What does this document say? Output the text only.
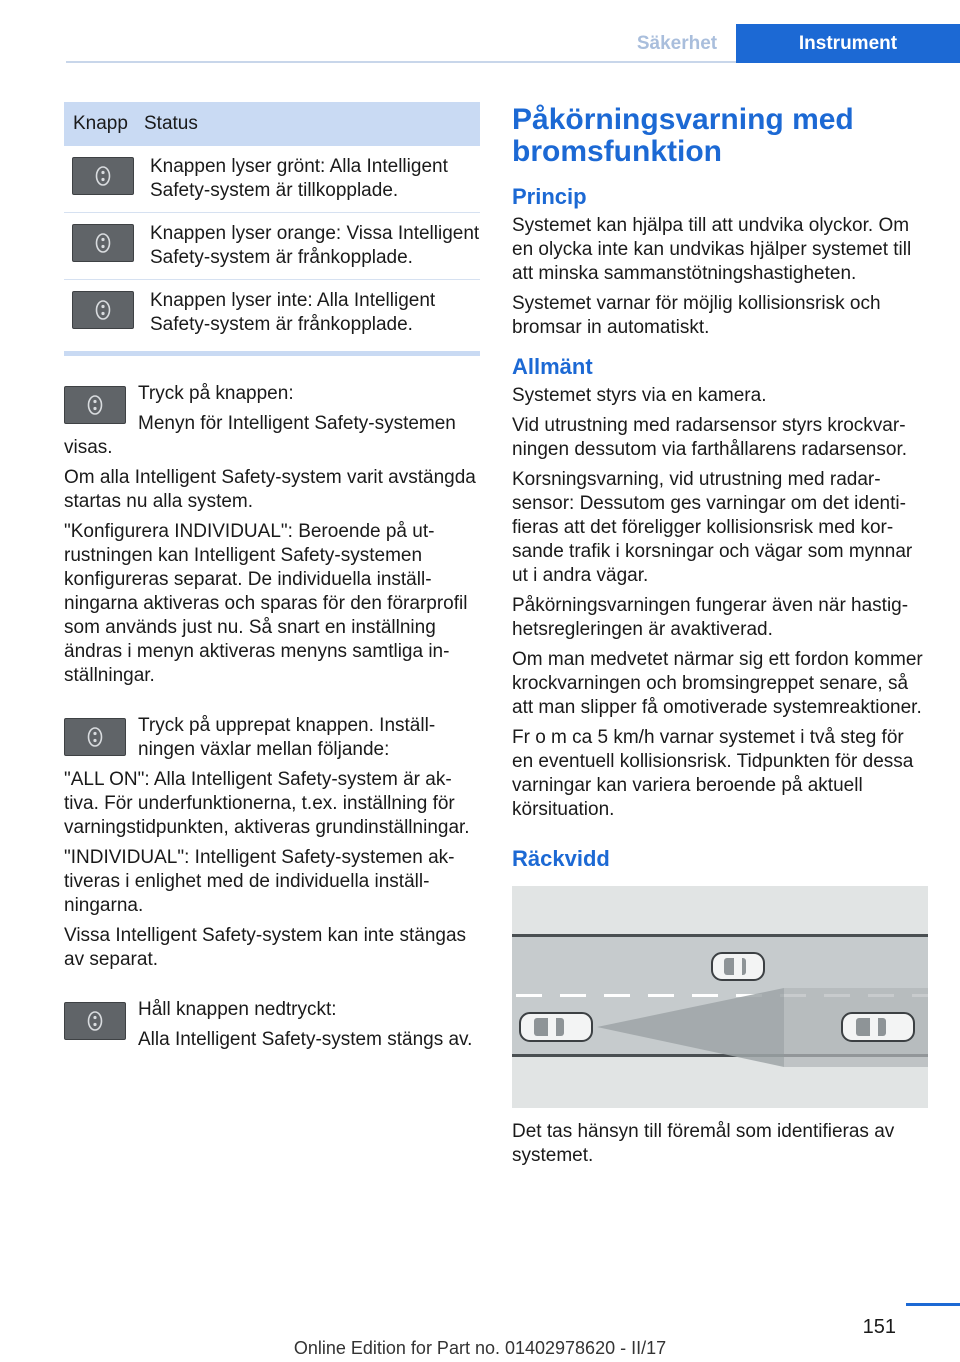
Säkerhet	Instrument
Knapp	Status

	Knappen lyser grönt: Alla Intelligent Safety-system är tillkopplade.

	Knappen lyser orange: Vissa Intelligent Safety-system är frånkopplade.

	Knappen lyser inte: Alla Intelligent Safety-system är frånkopplade.

Tryck på knappen:

Menyn för Intelligent Safety-systemen visas.

Om alla Intelligent Safety-system varit avstängda startas nu alla system.

"Konfigurera INDIVIDUAL": Beroende på utrustningen kan Intelligent Safety-systemen konfigureras separat. De individuella inställningarna aktiveras och sparas för den förarprofil som används just nu. Så snart en inställning ändras i menyn aktiveras menyns samtliga inställningar.

Tryck på upprepat knappen. Inställningen växlar mellan följande:

"ALL ON": Alla Intelligent Safety-system är aktiva. För underfunktionerna, t.ex. inställning för varningstidpunkten, aktiveras grundinställningar.

"INDIVIDUAL": Intelligent Safety-systemen aktiveras i enlighet med de individuella inställningarna.

Vissa Intelligent Safety-system kan inte stängas av separat.

Håll knappen nedtryckt:

Alla Intelligent Safety-system stängs av.

Påkörningsvarning med bromsfunktion
Princip

Systemet kan hjälpa till att undvika olyckor. Om en olycka inte kan undvikas hjälper systemet till att minska sammanstötningshastigheten.

Systemet varnar för möjlig kollisionsrisk och bromsar in automatiskt.

Allmänt

Systemet styrs via en kamera.

Vid utrustning med radarsensor styrs krockvarningen dessutom via farthållarens radarsensor.

Korsningsvarning, vid utrustning med radarsensor: Dessutom ges varningar om det identifieras att det föreligger kollisionsrisk med korsande trafik i korsningar och vägar som mynnar ut i andra vägar.

Påkörningsvarningen fungerar även när hastighetsregleringen är avaktiverad.

Om man medvetet närmar sig ett fordon kommer krockvarningen och bromsingreppet senare, så att man slipper få omotiverade systemreaktioner.

Fr o m ca 5 km/h varnar systemet i två steg för en eventuell kollisionsrisk. Tidpunkten för dessa varningar kan variera beroende på aktuell körsituation.

Räckvidd

Det tas hänsyn till föremål som identifieras av systemet.

151
Online Edition for Part no. 01402978620 - II/17
